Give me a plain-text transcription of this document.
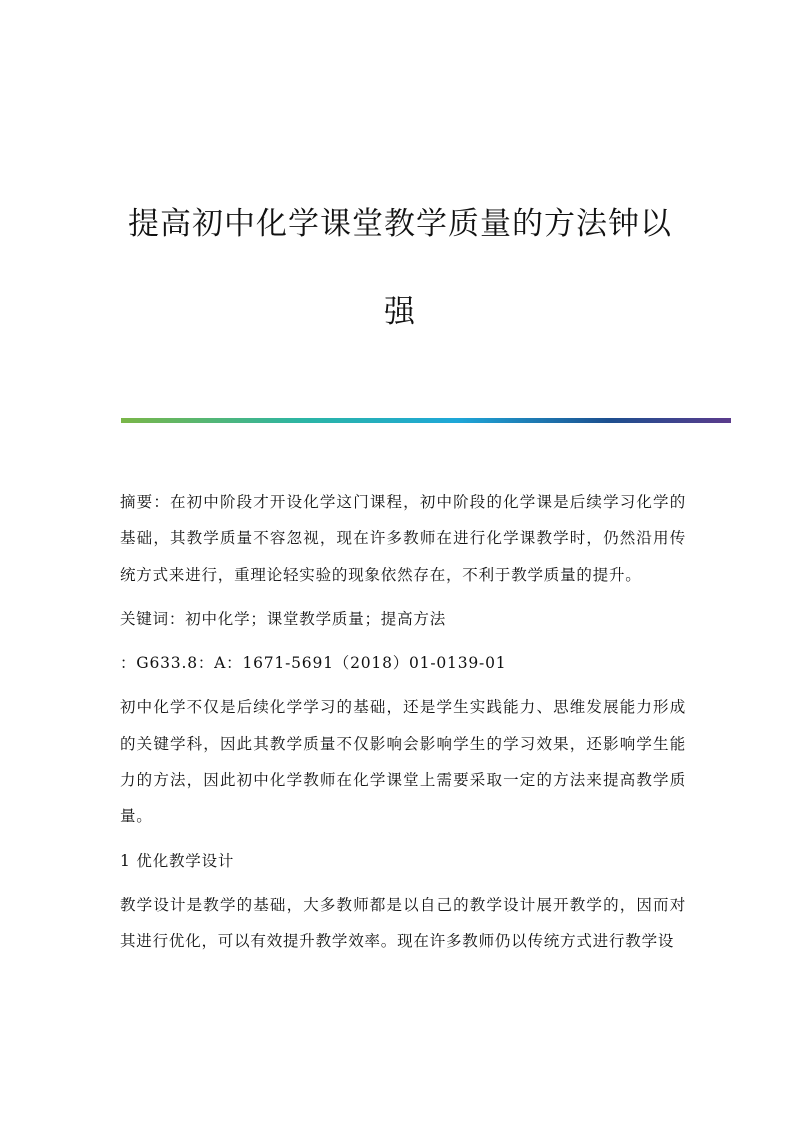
提高初中化学课堂教学质量的方法钟以
强

摘要：在初中阶段才开设化学这门课程，初中阶段的化学课是后续学习化学的基础，其教学质量不容忽视，现在许多教师在进行化学课教学时，仍然沿用传统方式来进行，重理论轻实验的现象依然存在，不利于教学质量的提升。

关键词：初中化学；课堂教学质量；提高方法

：G633.8：A：1671-5691（2018）01-0139-01

初中化学不仅是后续化学学习的基础，还是学生实践能力、思维发展能力形成的关键学科，因此其教学质量不仅影响会影响学生的学习效果，还影响学生能力的方法，因此初中化学教师在化学课堂上需要采取一定的方法来提高教学质量。

1 优化教学设计

教学设计是教学的基础，大多教师都是以自己的教学设计展开教学的，因而对其进行优化，可以有效提升教学效率。现在许多教师仍以传统方式进行教学设
